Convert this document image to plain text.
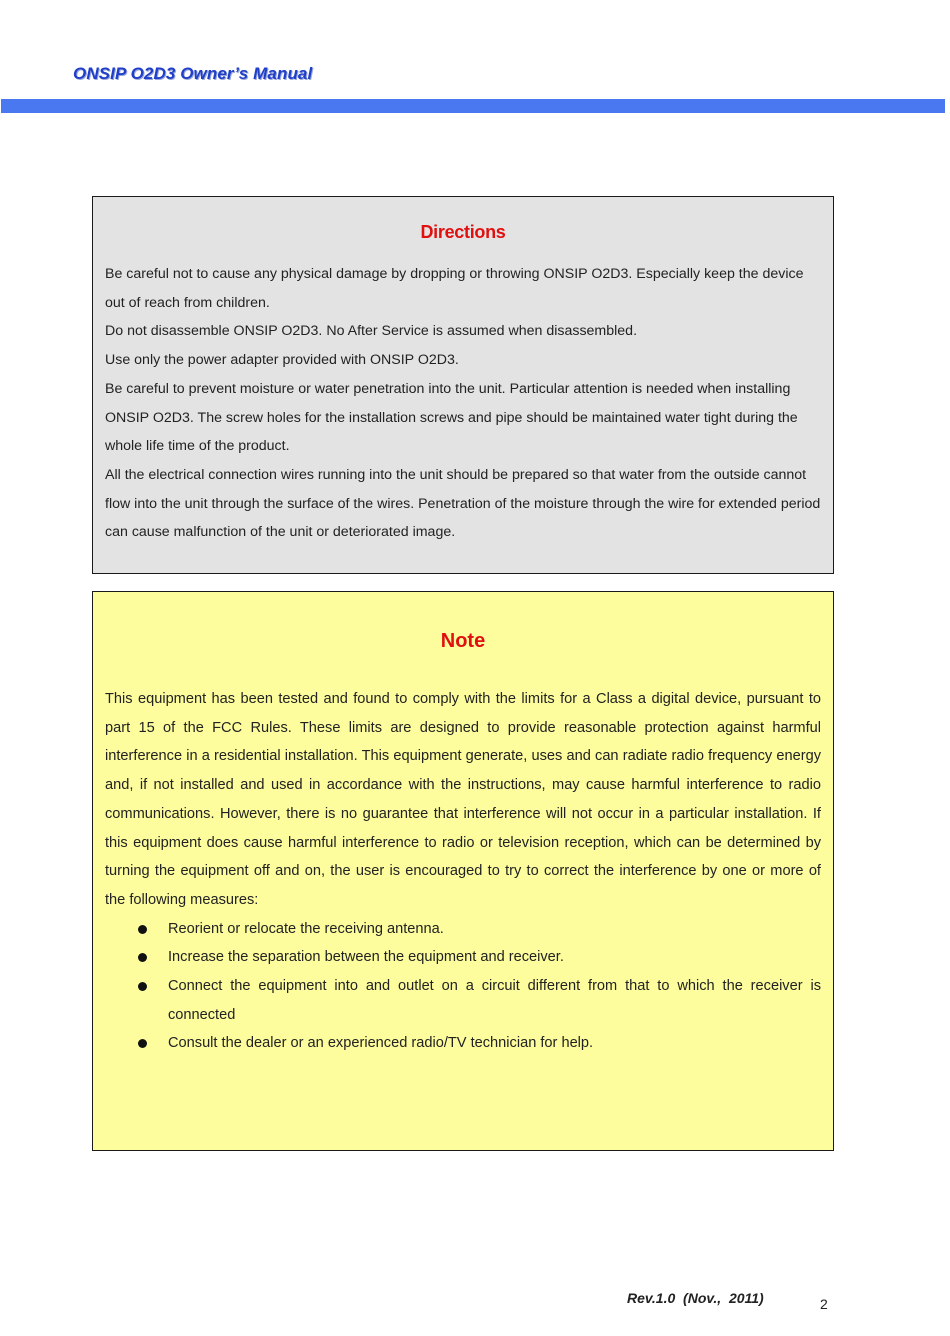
ONSIP O2D3 Owner’s Manual
Directions

Be careful not to cause any physical damage by dropping or throwing ONSIP O2D3. Especially keep the device out of reach from children.

Do not disassemble ONSIP O2D3. No After Service is assumed when disassembled.

Use only the power adapter provided with ONSIP O2D3.

Be careful to prevent moisture or water penetration into the unit. Particular attention is needed when installing ONSIP O2D3. The screw holes for the installation screws and pipe should be maintained water tight during the whole life time of the product.

All the electrical connection wires running into the unit should be prepared so that water from the outside cannot flow into the unit through the surface of the wires. Penetration of the moisture through the wire for extended period can cause malfunction of the unit or deteriorated image.

Note

This equipment has been tested and found to comply with the limits for a Class a digital device, pursuant to part 15 of the FCC Rules. These limits are designed to provide reasonable protection against harmful interference in a residential installation. This equipment generate, uses and can radiate radio frequency energy and, if not installed and used in accordance with the instructions, may cause harmful interference to radio communications. However, there is no guarantee that interference will not occur in a particular installation. If this equipment does cause harmful interference to radio or television reception, which can be determined by turning the equipment off and on, the user is encouraged to try to correct the interference by one or more of the following measures:

Reorient or relocate the receiving antenna.
Increase the separation between the equipment and receiver.
Connect the equipment into and outlet on a circuit different from that to which the receiver is connected
Consult the dealer or an experienced radio/TV technician for help.
Rev.1.0  (Nov.,  2011)	2
